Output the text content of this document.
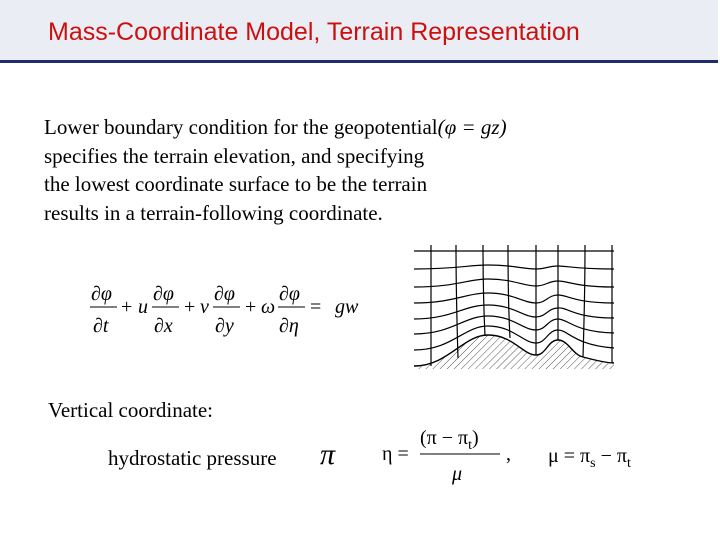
Mass-Coordinate Model, Terrain Representation
Lower boundary condition for the geopotential(φ = gz)
specifies the terrain elevation, and specifying
the lowest coordinate surface to be the terrain
results in a terrain-following coordinate.
∂φ
∂t
+ u
∂φ
∂x
+ v
∂φ
∂y
+ ω
∂φ
∂η
= gw
Vertical coordinate:
hydrostatic pressure π η =
$(\pi - \pi_t)$
μ
, $\mu = \pi_s - \pi_t$
